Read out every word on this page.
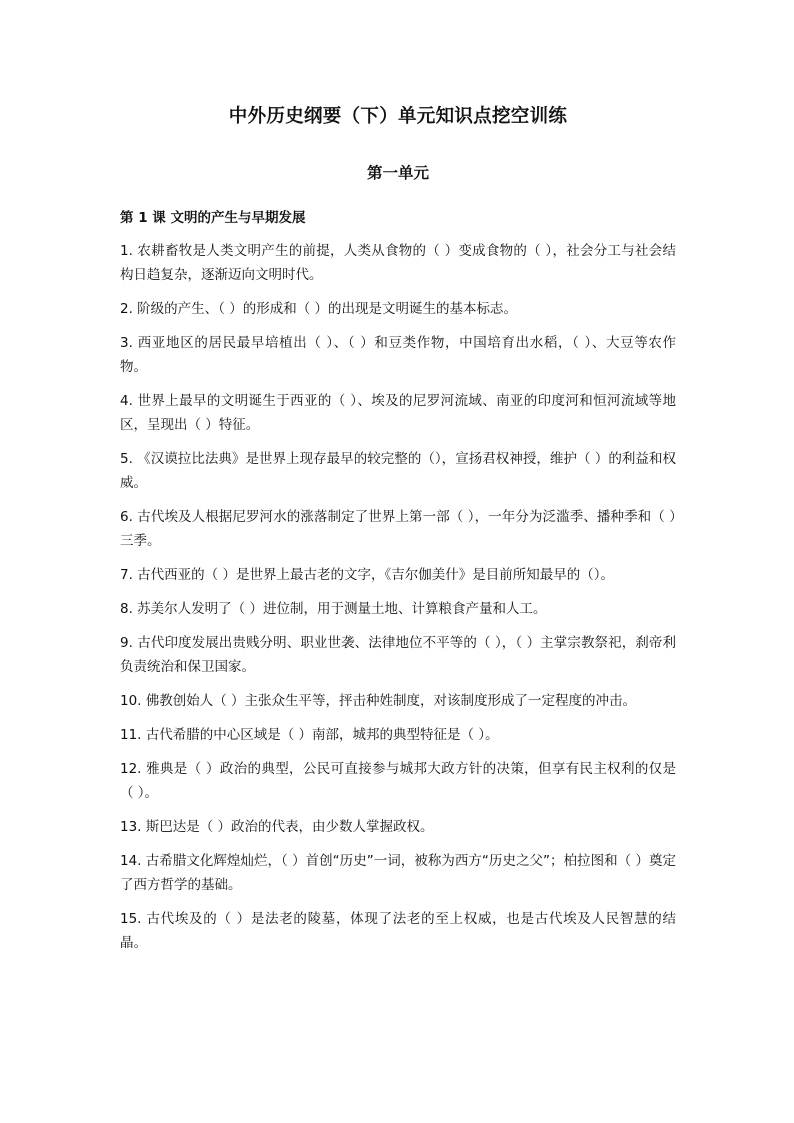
中外历史纲要（下）单元知识点挖空训练
第一单元
第 1 课 文明的产生与早期发展
1. 农耕畜牧是人类文明产生的前提，人类从食物的（ ）变成食物的（ ），社会分工与社会结构日趋复杂，逐渐迈向文明时代。
2. 阶级的产生、（ ）的形成和（ ）的出现是文明诞生的基本标志。
3. 西亚地区的居民最早培植出（ ）、（ ）和豆类作物，中国培育出水稻，（ ）、大豆等农作物。
4. 世界上最早的文明诞生于西亚的（ ）、埃及的尼罗河流域、南亚的印度河和恒河流域等地区，呈现出（ ）特征。
5. 《汉谟拉比法典》是世界上现存最早的较完整的（），宣扬君权神授，维护（ ）的利益和权威。
6. 古代埃及人根据尼罗河水的涨落制定了世界上第一部（ ），一年分为泛滥季、播种季和（ ）三季。
7. 古代西亚的（ ）是世界上最古老的文字，《吉尔伽美什》是目前所知最早的（）。
8. 苏美尔人发明了（ ）进位制，用于测量土地、计算粮食产量和人工。
9. 古代印度发展出贵贱分明、职业世袭、法律地位不平等的（ ），（ ）主掌宗教祭祀，刹帝利负责统治和保卫国家。
10. 佛教创始人（ ）主张众生平等，抨击种姓制度，对该制度形成了一定程度的冲击。
11. 古代希腊的中心区域是（ ）南部，城邦的典型特征是（ ）。
12. 雅典是（ ）政治的典型，公民可直接参与城邦大政方针的决策，但享有民主权利的仅是（ ）。
13. 斯巴达是（ ）政治的代表，由少数人掌握政权。
14. 古希腊文化辉煌灿烂，（ ）首创“历史”一词，被称为西方“历史之父”；柏拉图和（ ）奠定了西方哲学的基础。
15. 古代埃及的（ ）是法老的陵墓，体现了法老的至上权威，也是古代埃及人民智慧的结晶。
